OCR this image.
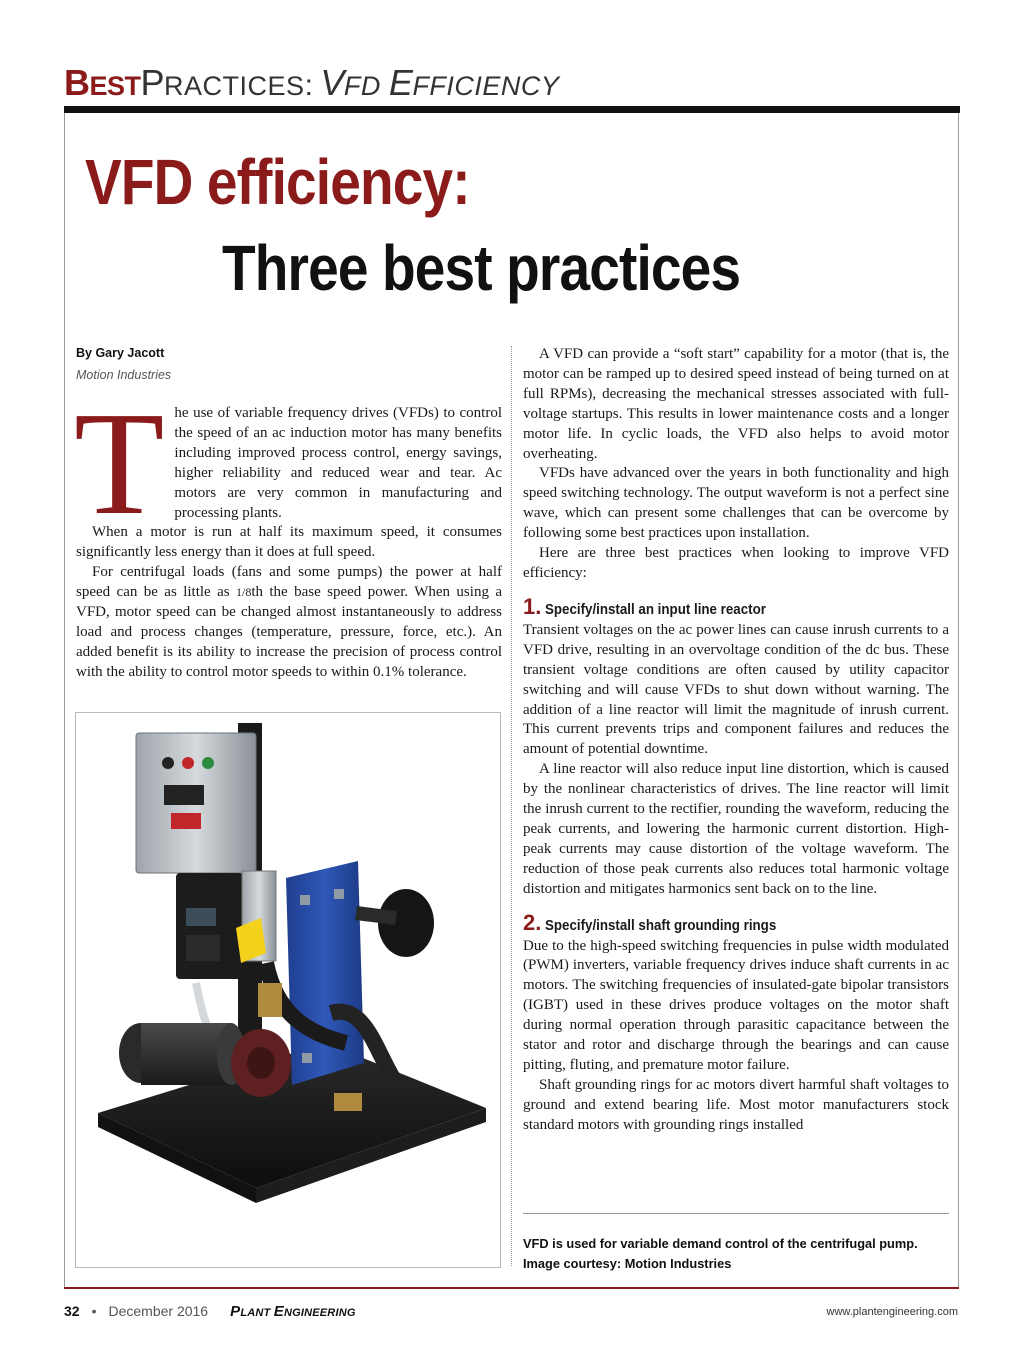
BESTPRACTICES: VFD EFFICIENCY
VFD efficiency:
Three best practices
By Gary Jacott
Motion Industries

The use of variable frequency drives (VFDs) to control the speed of an ac induction motor has many benefits including improved process control, energy savings, higher reliability and reduced wear and tear. Ac motors are very common in manufacturing and processing plants.

When a motor is run at half its maximum speed, it consumes significantly less energy than it does at full speed.

For centrifugal loads (fans and some pumps) the power at half speed can be as little as 1/8th the base speed power. When using a VFD, motor speed can be changed almost instantaneously to address load and process changes (temperature, pressure, force, etc.). An added benefit is its ability to increase the precision of process control with the ability to control motor speeds to within 0.1% tolerance.

A VFD can provide a “soft start” capability for a motor (that is, the motor can be ramped up to desired speed instead of being turned on at full RPMs), decreasing the mechanical stresses associated with full-voltage startups. This results in lower maintenance costs and a longer motor life. In cyclic loads, the VFD also helps to avoid motor overheating.

VFDs have advanced over the years in both functionality and high speed switching technology. The output waveform is not a perfect sine wave, which can present some challenges that can be overcome by following some best practices upon installation.

Here are three best practices when looking to improve VFD efficiency:

1. Specify/install an input line reactor

Transient voltages on the ac power lines can cause inrush currents to a VFD drive, resulting in an overvoltage condition of the dc bus. These transient voltage conditions are often caused by utility capacitor switching and will cause VFDs to shut down without warning. The addition of a line reactor will limit the magnitude of inrush current. This current prevents trips and component failures and reduces the amount of potential downtime.

A line reactor will also reduce input line distortion, which is caused by the nonlinear characteristics of drives. The line reactor will limit the inrush current to the rectifier, rounding the waveform, reducing the peak currents, and lowering the harmonic current distortion. High-peak currents may cause distortion of the voltage waveform. The reduction of those peak currents also reduces total harmonic voltage distortion and mitigates harmonics sent back on to the line.

2. Specify/install shaft grounding rings

Due to the high-speed switching frequencies in pulse width modulated (PWM) inverters, variable frequency drives induce shaft currents in ac motors. The switching frequencies of insulated-gate bipolar transistors (IGBT) used in these drives produce voltages on the motor shaft during normal operation through parasitic capacitance between the stator and rotor and discharge through the bearings and can cause pitting, fluting, and premature motor failure.

Shaft grounding rings for ac motors divert harmful shaft voltages to ground and extend bearing life. Most motor manufacturers stock standard motors with grounding rings installed

VFD is used for variable demand control of the centrifugal pump. Image courtesy: Motion Industries
32 • December 2016 PLANT ENGINEERING	www.plantengineering.com
